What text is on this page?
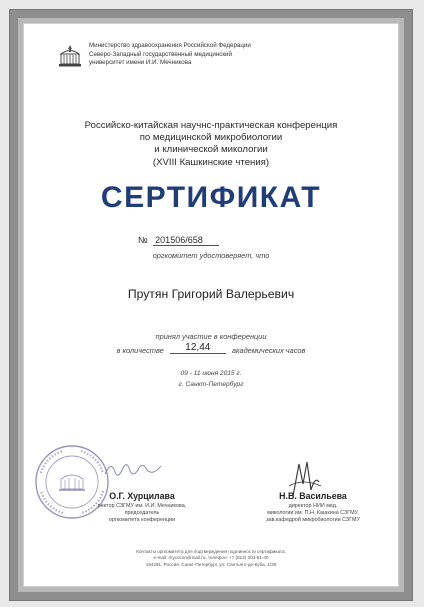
Министерство здравоохранения Российской Федерации
Северо-Западный государственный медицинский
университет имени И.И. Мечникова
Российско-китайская научнс-практическая конференция
по медицинской микробиологии
и клинической микологии
(XVIII Кашкинские чтения)
СЕРТИФИКАТ
№ 201506/658
оргкомитет удостоверяет, что
Прутян Григорий Валерьевич
принял участие в конференции
в количестве 12,44	академических часов
09 - 11 июня 2015 г.
г. Санкт-Петербург
О.Г. Хурцилава
ректор СЗГМУ им. И.И. Мечникова,
председатель
оргкомитета конференции
Н.В. Васильева
директор НИИ мед.
микологии им. П.Н. Кашкина СЗГМУ,
зав.кафедрой микробиологии СЗГМУ
Контакты оргкомитета для подтверждения подлинности сертификата:
e-mail: mycocon@mail.ru, телефон: +7 (812) 303-51-40
194291, Россия, Санкт-Петербург, ул. Сантьяго-де-Куба, 1/28
